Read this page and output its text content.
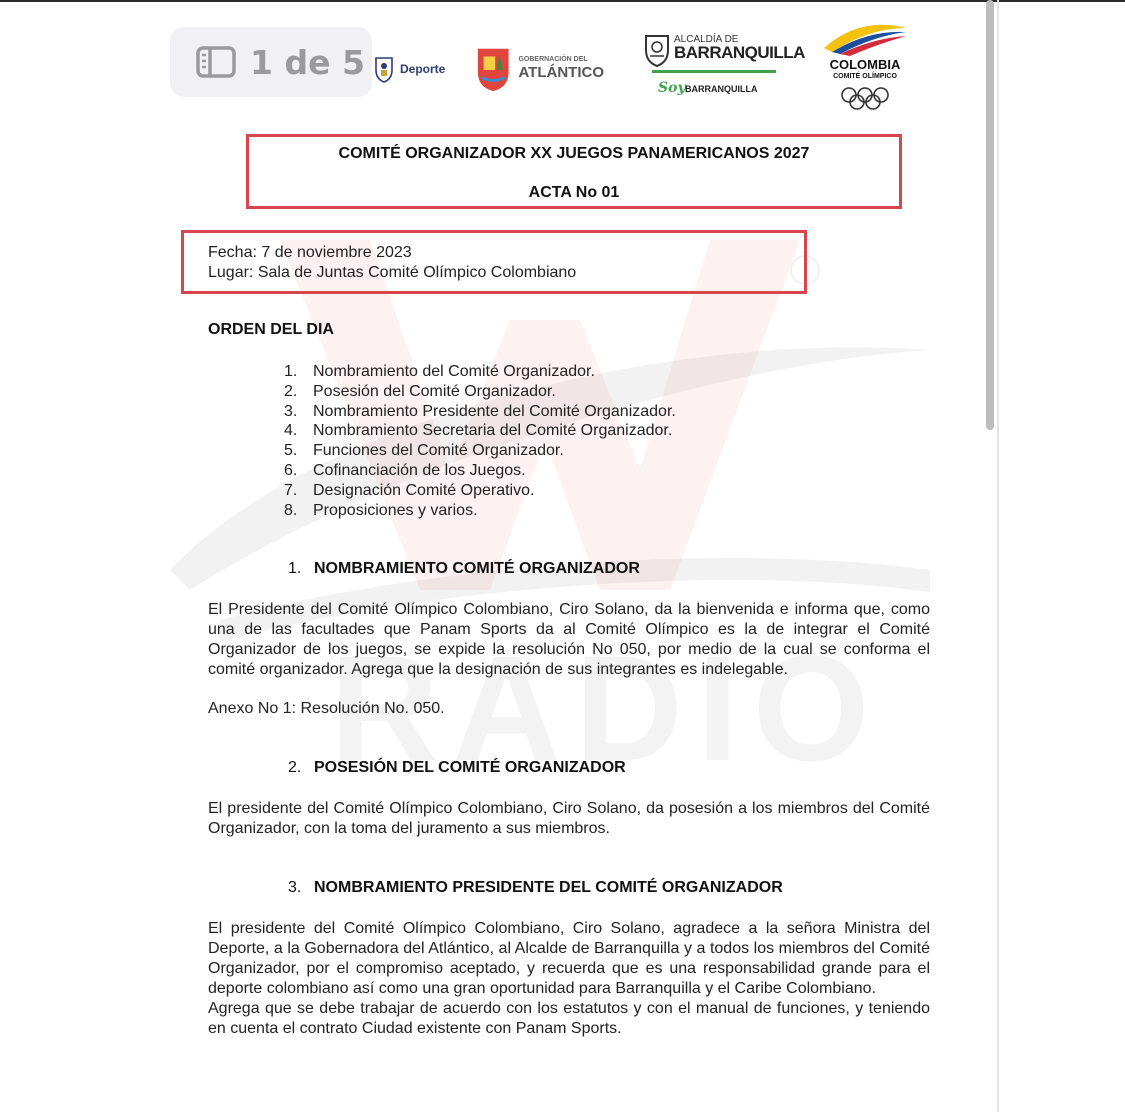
1 de 5	Deporte
GOBERNACIÓN DEL
ATLÁNTICO
ALCALDÍA DE
BARRANQUILLA
Soy BARRANQUILLA
COLOMBIA
COMITÉ OLÍMPICO
COMITÉ ORGANIZADOR XX JUEGOS PANAMERICANOS 2027
ACTA No 01
Fecha: 7 de noviembre 2023
Lugar: Sala de Juntas Comité Olímpico Colombiano
ORDEN DEL DIA
1. Nombramiento del Comité Organizador.
2. Posesión del Comité Organizador.
3. Nombramiento Presidente del Comité Organizador.
4. Nombramiento Secretaria del Comité Organizador.
5. Funciones del Comité Organizador.
6. Cofinanciación de los Juegos.
7. Designación Comité Operativo.
8. Proposiciones y varios.
1. NOMBRAMIENTO COMITÉ ORGANIZADOR
El Presidente del Comité Olímpico Colombiano, Ciro Solano, da la bienvenida e informa que, como
una de las facultades que Panam Sports da al Comité Olímpico es la de integrar el Comité
Organizador de los juegos, se expide la resolución No 050, por medio de la cual se conforma el
comité organizador. Agrega que la designación de sus integrantes es indelegable.
Anexo No 1: Resolución No. 050.
2. POSESIÓN DEL COMITÉ ORGANIZADOR
El presidente del Comité Olímpico Colombiano, Ciro Solano, da posesión a los miembros del Comité
Organizador, con la toma del juramento a sus miembros.
3. NOMBRAMIENTO PRESIDENTE DEL COMITÉ ORGANIZADOR
El presidente del Comité Olímpico Colombiano, Ciro Solano, agradece a la señora Ministra del
Deporte, a la Gobernadora del Atlántico, al Alcalde de Barranquilla y a todos los miembros del Comité
Organizador, por el compromiso aceptado, y recuerda que es una responsabilidad grande para el
deporte colombiano así como una gran oportunidad para Barranquilla y el Caribe Colombiano.
Agrega que se debe trabajar de acuerdo con los estatutos y con el manual de funciones, y teniendo
en cuenta el contrato Ciudad existente con Panam Sports.
